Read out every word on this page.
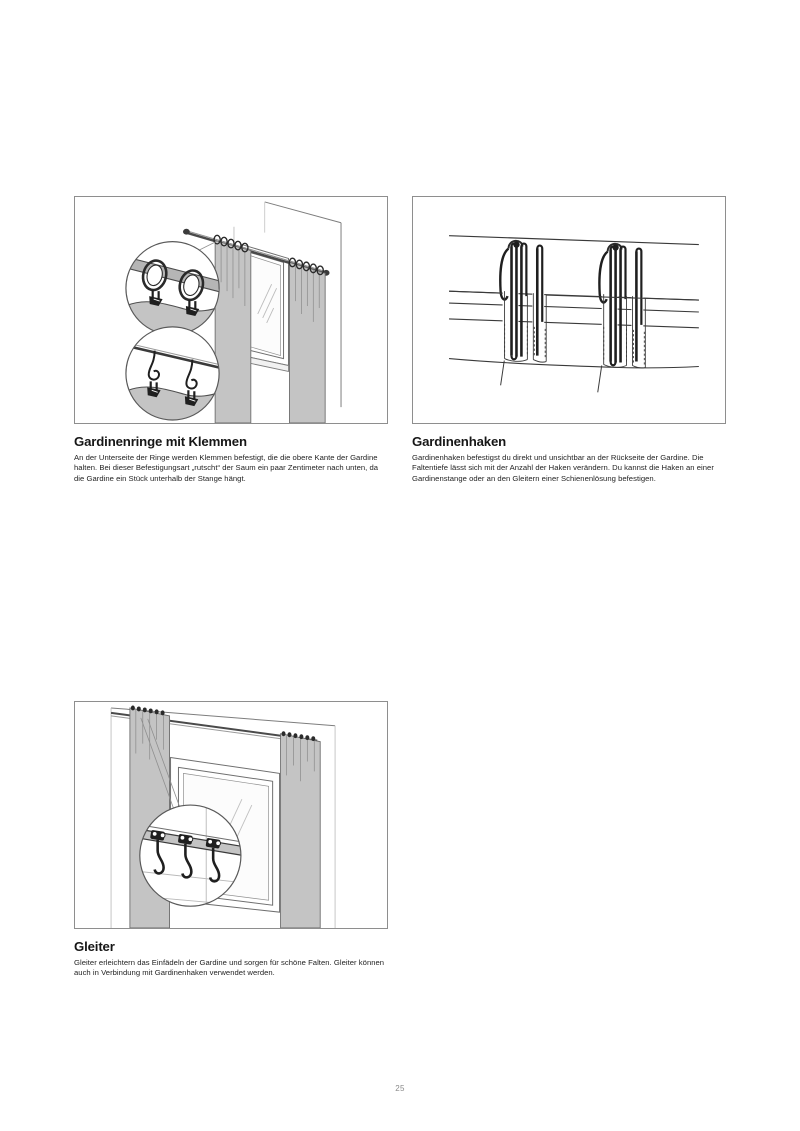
Gardinenringe mit Klemmen

An der Unterseite der Ringe werden Klemmen befestigt, die die obere Kante der Gardine halten. Bei dieser Befestigungsart „rutscht“ der Saum ein paar Zentimeter nach unten, da die Gardine ein Stück unterhalb der Stange hängt.

Gardinenhaken

Gardinenhaken befestigst du direkt und unsichtbar an der Rückseite der Gardine. Die Faltentiefe lässt sich mit der Anzahl der Haken verändern. Du kannst die Haken an einer Gardinenstange oder an den Gleitern einer Schienenlösung befestigen.

Gleiter

Gleiter erleichtern das Einfädeln der Gardine und sorgen für schöne Falten. Gleiter können auch in Verbindung mit Gardinenhaken verwendet werden.

25
